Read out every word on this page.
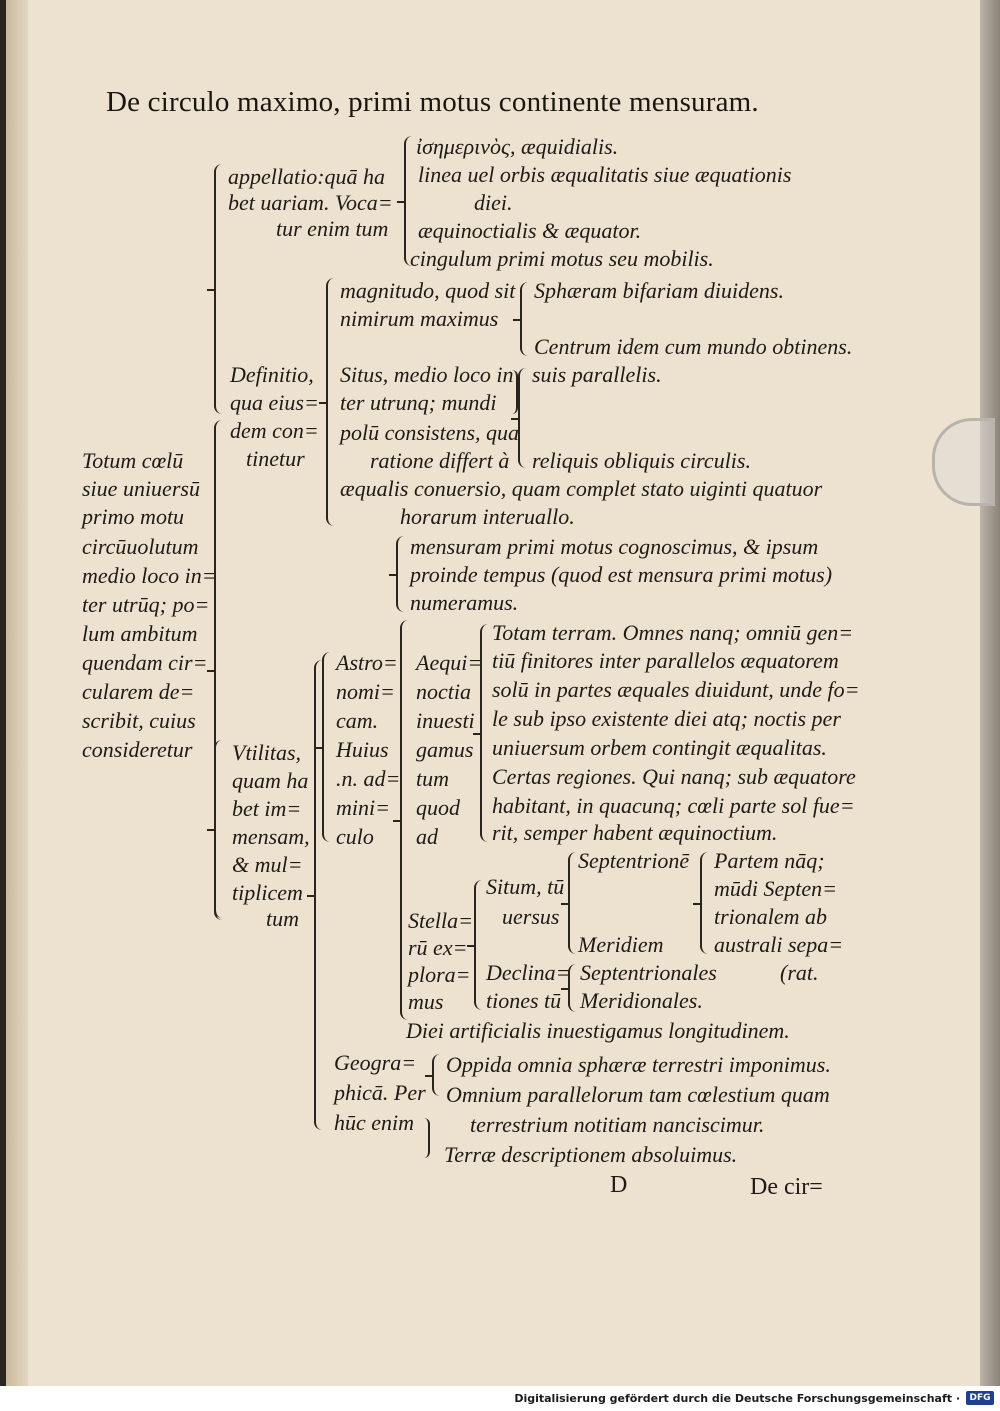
De circulo maximo, primi motus continente mensuram.
appellatio:quā ha
bet uariam. Voca=
tur enim tum
ἰσημερινὸς, æquidialis.
linea uel orbis æqualitatis siue æquationis
diei.
æquinoctialis & æquator.
cingulum primi motus seu mobilis.
Totum cœlū
siue uniuersū
primo motu
circūuolutum
medio loco in=
ter utrūq; po=
lum ambitum
quendam cir=
cularem de=
scribit, cuius
consideretur
Definitio,
qua eius=
dem con=
tinetur
magnitudo, quod sit
nimirum maximus
Sphæram bifariam diuidens.
Centrum idem cum mundo obtinens.
Situs, medio loco in
ter utrunq; mundi
polū consistens, qua
ratione differt à
suis parallelis.
reliquis obliquis circulis.
æqualis conuersio, quam complet stato uiginti quatuor
horarum interuallo.
Vtilitas,
quam ha
bet im=
mensam,
& mul=
tiplicem
tum
mensuram primi motus cognoscimus, & ipsum
proinde tempus (quod est mensura primi motus)
numeramus.
Astro=
nomi=
cam.
Huius
.n. ad=
mini=
culo
Aequi=
noctia
inuesti
gamus
tum
quod
ad
Totam terram. Omnes nanq; omniū gen=
tiū finitores inter parallelos æquatorem
solū in partes æquales diuidunt, unde fo=
le sub ipso existente diei atq; noctis per
uniuersum orbem contingit æqualitas.
Certas regiones. Qui nanq; sub æquatore
habitant, in quacunq; cœli parte sol fue=
rit, semper habent æquinoctium.
Stella=
rū ex=
plora=
mus
Situm, tū
uersus
Septentrionē
Meridiem
Partem nāq;
mūdi Septen=
trionalem ab
australi sepa=
(rat.
Declina=
tiones tū
Septentrionales
Meridionales.
Diei artificialis inuestigamus longitudinem.
Geogra=
phicā. Per
hūc enim
Oppida omnia sphæræ terrestri imponimus.
Omnium parallelorum tam cœlestium quam
terrestrium notitiam nanciscimur.
Terræ descriptionem absoluimus.
D	De cir=
Digitalisierung gefördert durch die Deutsche Forschungsgemeinschaft ·	DFG
